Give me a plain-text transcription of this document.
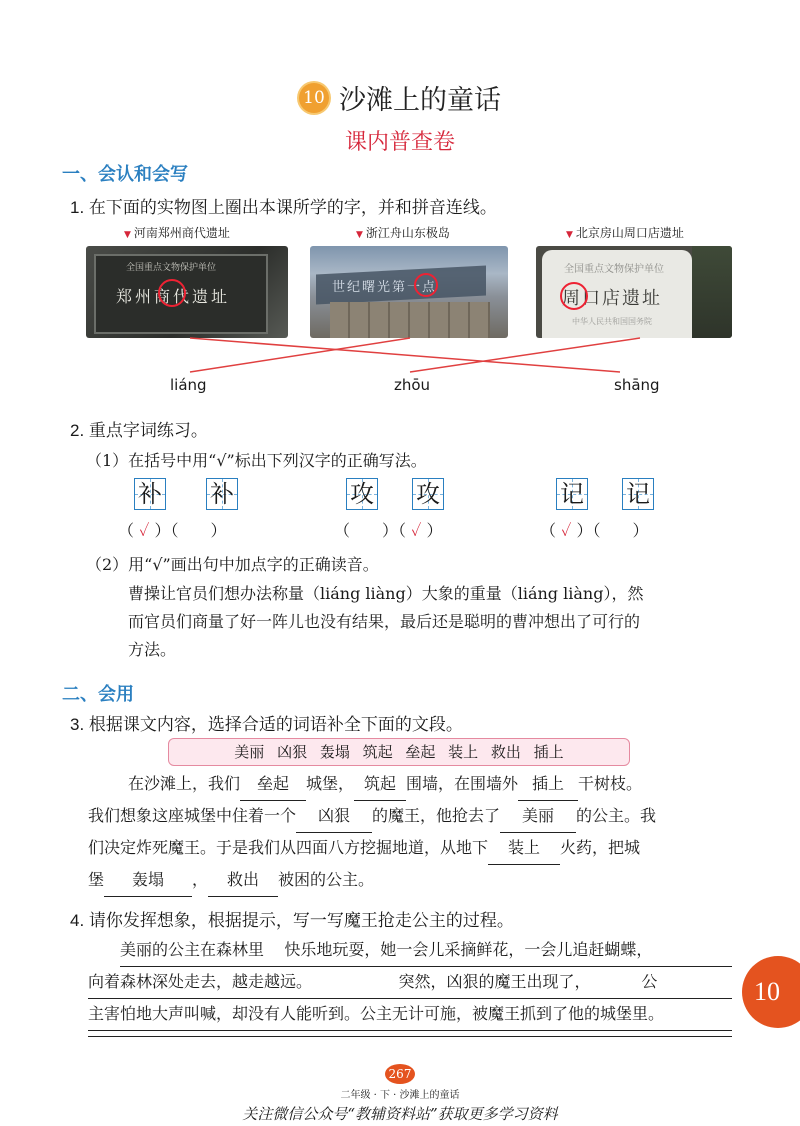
10 沙滩上的童话
课内普查卷
一、会认和会写
1. 在下面的实物图上圈出本课所学的字，并和拼音连线。
▼ 河南郑州商代遗址	▼ 浙江舟山东极岛	▼ 北京房山周口店遗址
全国重点文物保护单位
郑州商代遗址	世纪曙光第一点
全国重点文物保护单位
周口店遗址
中华人民共和国国务院
liáng	zhōu	shāng
2. 重点字词练习。
（1）在括号中用“√”标出下列汉字的正确写法。
补 补	攻 攻	记 记
（ ✓ ）（　　）	（　　）（ ✓ ）	（ ✓ ）（　　）
（2）用“√”画出句中加点字的正确读音。
曹操让官员们想办法称量（liáng liàng）大象的重量（liáng liàng），然
而官员们商量了好一阵儿也没有结果，最后还是聪明的曹冲想出了可行的
方法。
二、会用
3. 根据课文内容，选择合适的词语补全下面的文段。
美丽 凶狠 轰塌 筑起 垒起 装上 救出 插上
在沙滩上，我们 垒起 城堡， 筑起 围墙，在围墙外 插上 干树枝。
我们想象这座城堡中住着一个 凶狠 的魔王，他抢去了 美丽 的公主。我
们决定炸死魔王。于是我们从四面八方挖掘地道，从地下 装上 火药，把城
堡 轰塌 ， 救出 被困的公主。
4. 请你发挥想象，根据提示，写一写魔王抢走公主的过程。
美丽的公主在森林里 快乐地玩耍，她一会儿采摘鲜花，一会儿追赶蝴蝶，
向着森林深处走去，越走越远。	突然，凶狠的魔王出现了，	公
主害怕地大声叫喊，却没有人能听到。公主无计可施，被魔王抓到了他的城堡里。
10
267
二年级 · 下 · 沙滩上的童话
关注微信公众号“教辅资料站”获取更多学习资料
